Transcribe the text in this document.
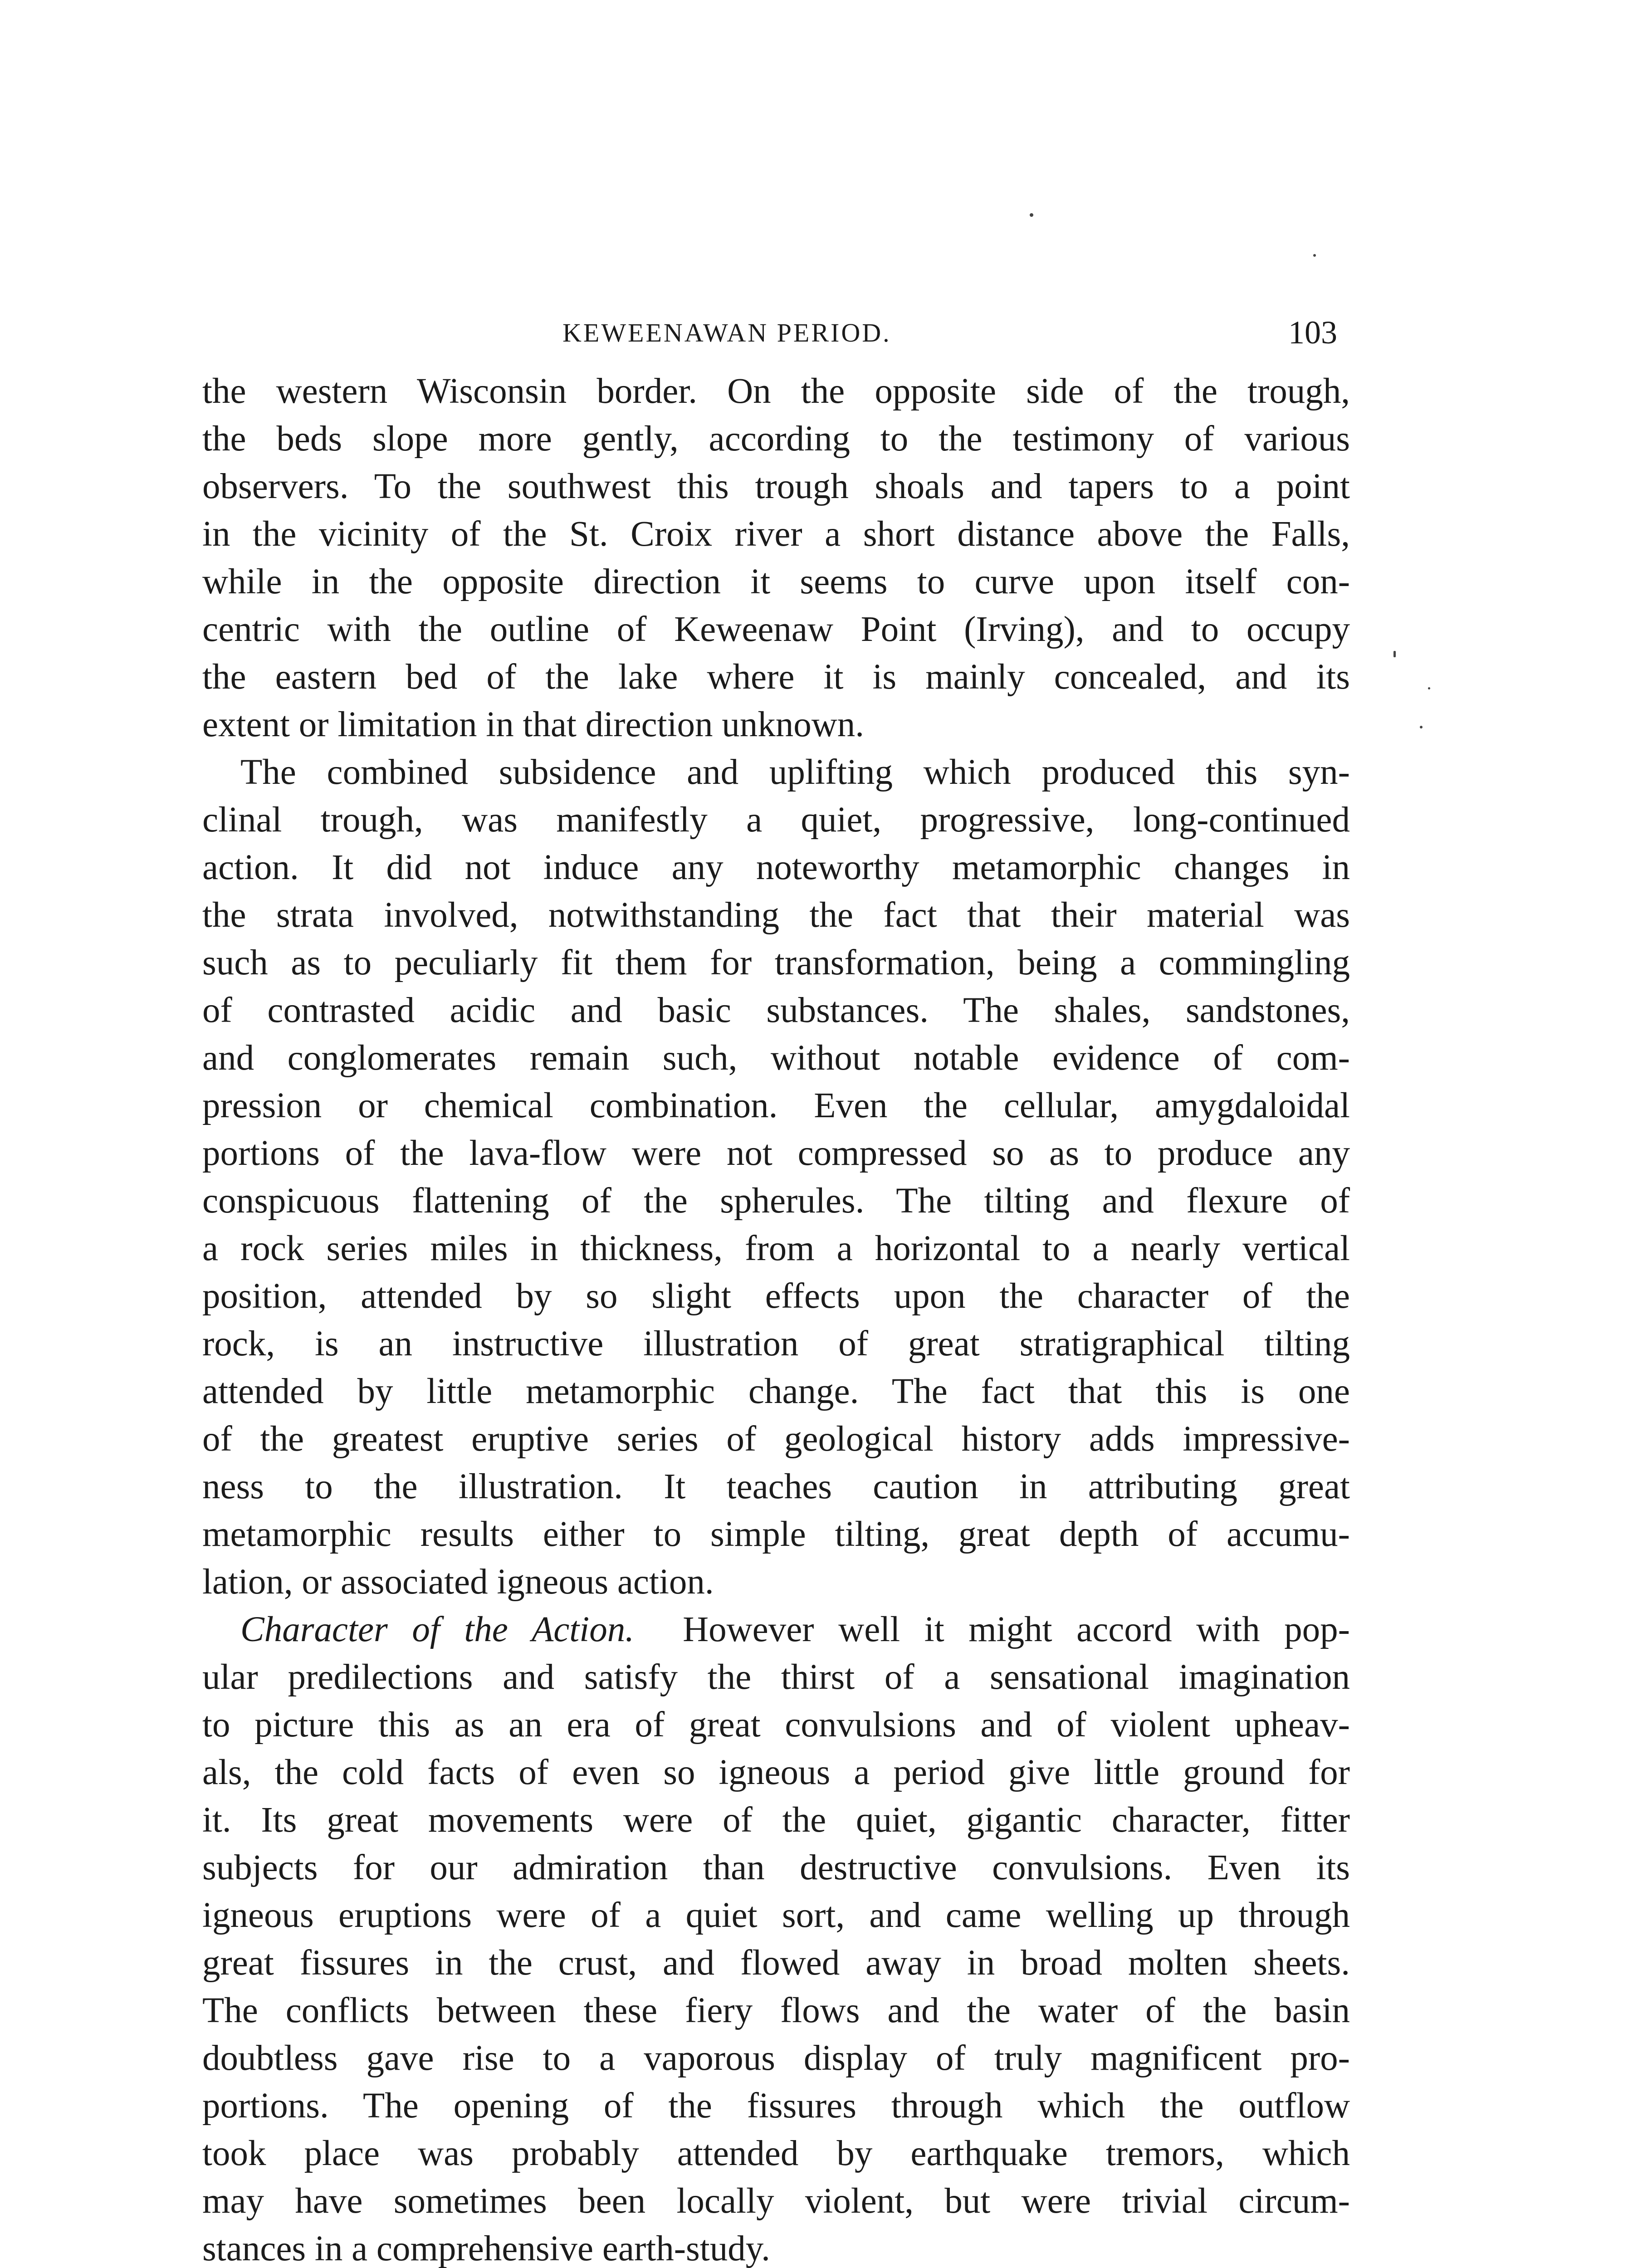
KEWEENAWAN PERIOD.	103
the western Wisconsin border. On the opposite side of the trough,
the beds slope more gently, according to the testimony of various
observers. To the southwest this trough shoals and tapers to a point
in the vicinity of the St. Croix river a short distance above the Falls,
while in the opposite direction it seems to curve upon itself con-
centric with the outline of Keweenaw Point (Irving), and to occupy
the eastern bed of the lake where it is mainly concealed, and its
extent or limitation in that direction unknown.
The combined subsidence and uplifting which produced this syn-
clinal trough, was manifestly a quiet, progressive, long-continued
action. It did not induce any noteworthy metamorphic changes in
the strata involved, notwithstanding the fact that their material was
such as to peculiarly fit them for transformation, being a commingling
of contrasted acidic and basic substances. The shales, sandstones,
and conglomerates remain such, without notable evidence of com-
pression or chemical combination. Even the cellular, amygdaloidal
portions of the lava-flow were not compressed so as to produce any
conspicuous flattening of the spherules. The tilting and flexure of
a rock series miles in thickness, from a horizontal to a nearly vertical
position, attended by so slight effects upon the character of the
rock, is an instructive illustration of great stratigraphical tilting
attended by little metamorphic change. The fact that this is one
of the greatest eruptive series of geological history adds impressive-
ness to the illustration. It teaches caution in attributing great
metamorphic results either to simple tilting, great depth of accumu-
lation, or associated igneous action.
Character of the Action. However well it might accord with pop-
ular predilections and satisfy the thirst of a sensational imagination
to picture this as an era of great convulsions and of violent upheav-
als, the cold facts of even so igneous a period give little ground for
it. Its great movements were of the quiet, gigantic character, fitter
subjects for our admiration than destructive convulsions. Even its
igneous eruptions were of a quiet sort, and came welling up through
great fissures in the crust, and flowed away in broad molten sheets.
The conflicts between these fiery flows and the water of the basin
doubtless gave rise to a vaporous display of truly magnificent pro-
portions. The opening of the fissures through which the outflow
took place was probably attended by earthquake tremors, which
may have sometimes been locally violent, but were trivial circum-
stances in a comprehensive earth-study.
